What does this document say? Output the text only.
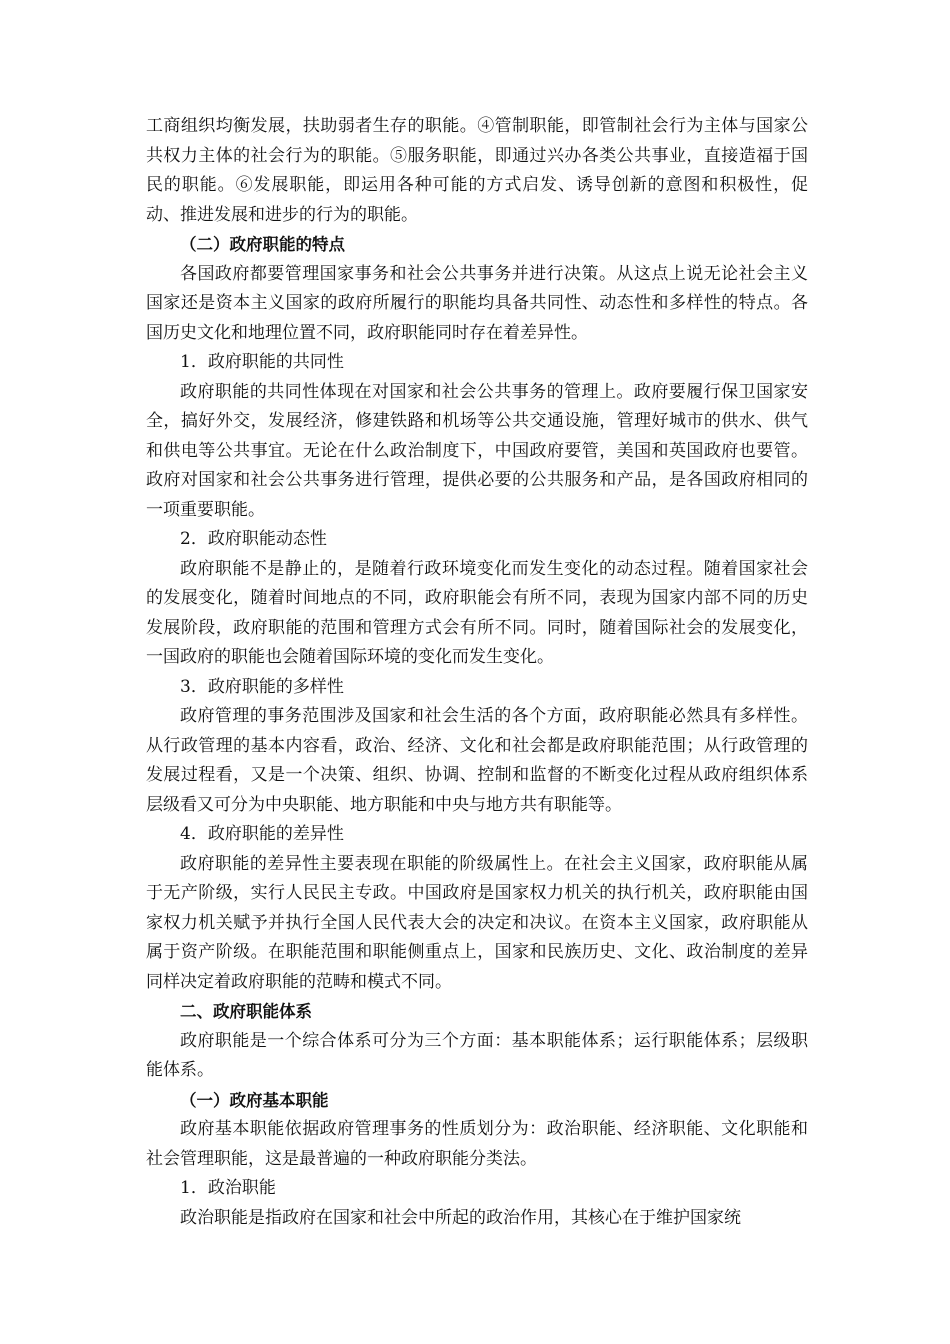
工商组织均衡发展，扶助弱者生存的职能。④管制职能，即管制社会行为主体与国家公共权力主体的社会行为的职能。⑤服务职能，即通过兴办各类公共事业，直接造福于国民的职能。⑥发展职能，即运用各种可能的方式启发、诱导创新的意图和积极性，促动、推进发展和进步的行为的职能。

（二）政府职能的特点

各国政府都要管理国家事务和社会公共事务并进行决策。从这点上说无论社会主义国家还是资本主义国家的政府所履行的职能均具备共同性、动态性和多样性的特点。各国历史文化和地理位置不同，政府职能同时存在着差异性。

1．政府职能的共同性

政府职能的共同性体现在对国家和社会公共事务的管理上。政府要履行保卫国家安全，搞好外交，发展经济，修建铁路和机场等公共交通设施，管理好城市的供水、供气和供电等公共事宜。无论在什么政治制度下，中国政府要管，美国和英国政府也要管。政府对国家和社会公共事务进行管理，提供必要的公共服务和产品，是各国政府相同的一项重要职能。

2．政府职能动态性

政府职能不是静止的，是随着行政环境变化而发生变化的动态过程。随着国家社会的发展变化，随着时间地点的不同，政府职能会有所不同，表现为国家内部不同的历史发展阶段，政府职能的范围和管理方式会有所不同。同时，随着国际社会的发展变化，一国政府的职能也会随着国际环境的变化而发生变化。

3．政府职能的多样性

政府管理的事务范围涉及国家和社会生活的各个方面，政府职能必然具有多样性。从行政管理的基本内容看，政治、经济、文化和社会都是政府职能范围；从行政管理的发展过程看，又是一个决策、组织、协调、控制和监督的不断变化过程从政府组织体系层级看又可分为中央职能、地方职能和中央与地方共有职能等。

4．政府职能的差异性

政府职能的差异性主要表现在职能的阶级属性上。在社会主义国家，政府职能从属于无产阶级，实行人民民主专政。中国政府是国家权力机关的执行机关，政府职能由国家权力机关赋予并执行全国人民代表大会的决定和决议。在资本主义国家，政府职能从属于资产阶级。在职能范围和职能侧重点上，国家和民族历史、文化、政治制度的差异同样决定着政府职能的范畴和模式不同。

二、政府职能体系

政府职能是一个综合体系可分为三个方面：基本职能体系；运行职能体系；层级职能体系。

（一）政府基本职能

政府基本职能依据政府管理事务的性质划分为：政治职能、经济职能、文化职能和社会管理职能，这是最普遍的一种政府职能分类法。

1．政治职能

政治职能是指政府在国家和社会中所起的政治作用，其核心在于维护国家统
